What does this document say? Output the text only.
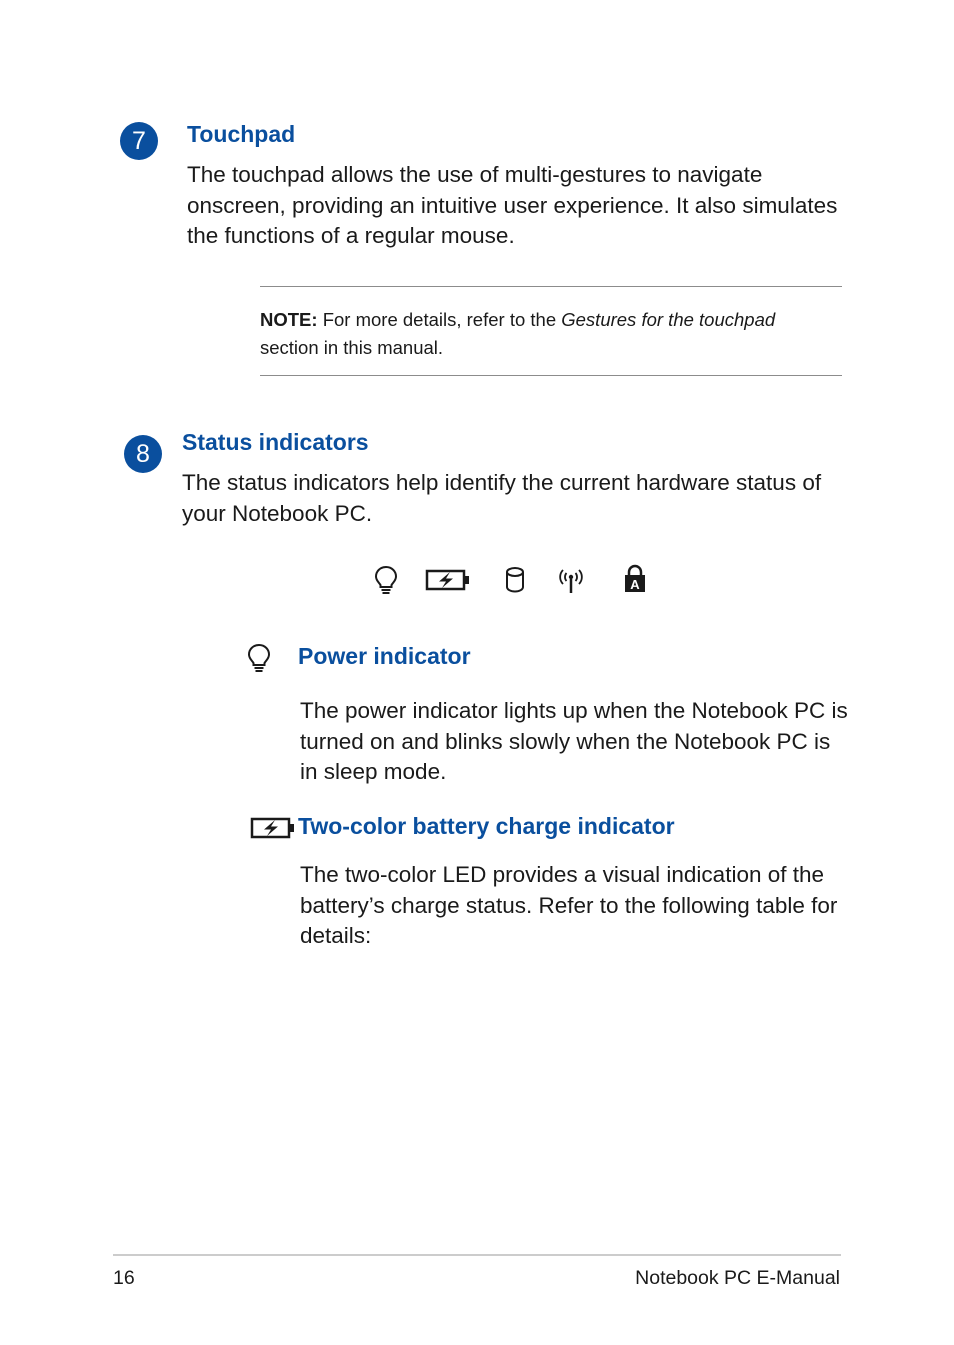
7	Touchpad
The touchpad allows the use of multi-gestures to navigate onscreen, providing an intuitive user experience. It also simulates the functions of a regular mouse.
NOTE: For more details, refer to the Gestures for the touchpad
section in this manual.
8	Status indicators
The status indicators help identify the current hardware status of your Notebook PC.
A
Power indicator
The power indicator lights up when the Notebook PC is turned on and blinks slowly when the Notebook PC is in sleep mode.
Two-color battery charge indicator
The two-color LED provides a visual indication of the battery’s charge status. Refer to the following table for details:
16	Notebook PC E-Manual
